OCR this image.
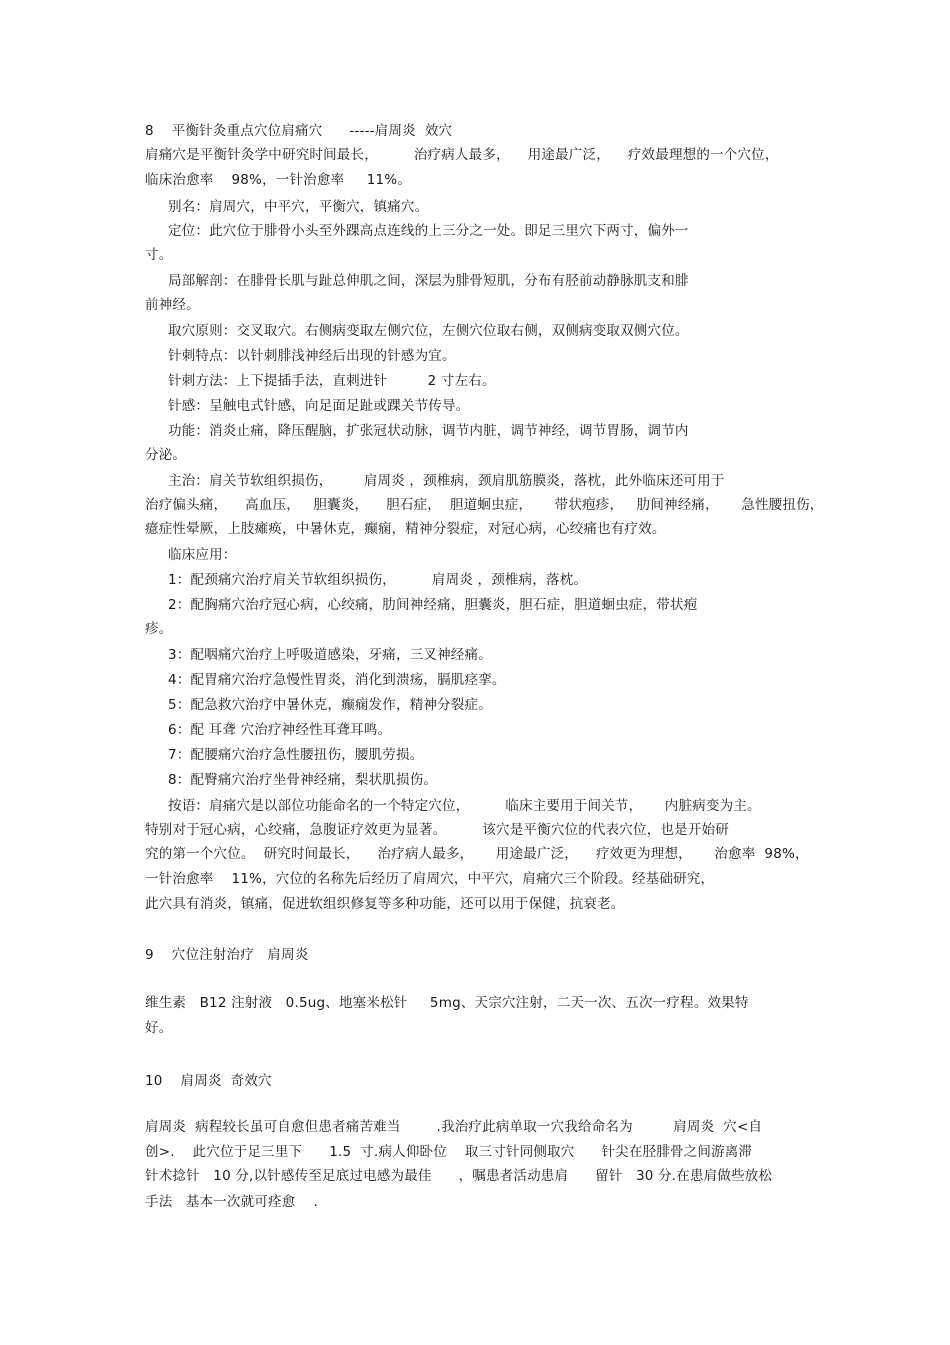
8    平衡针灸重点穴位肩痛穴      -----肩周炎  效穴

肩痛穴是平衡针灸学中研究时间最长，        治疗病人最多，    用途最广泛，    疗效最理想的一个穴位，

临床治愈率    98%，一针治愈率     11%。

别名：肩周穴，中平穴，平衡穴，镇痛穴。

定位：此穴位于腓骨小头至外踝高点连线的上三分之一处。即足三里穴下两寸，偏外一

寸。

局部解剖：在腓骨长肌与趾总伸肌之间，深层为腓骨短肌，分布有胫前动静脉肌支和腓

前神经。

取穴原则：交叉取穴。右侧病变取左侧穴位，左侧穴位取右侧，双侧病变取双侧穴位。

针刺特点：以针刺腓浅神经后出现的针感为宜。

针刺方法：上下提插手法，直刺进针         2 寸左右。

针感：呈触电式针感，向足面足趾或踝关节传导。

功能：消炎止痛，降压醒脑，扩张冠状动脉，调节内脏，调节神经，调节胃肠，调节内

分泌。

主治：肩关节软组织损伤，       肩周炎 ，颈椎病，颈肩肌筋膜炎，落枕，此外临床还可用于

治疗偏头痛，    高血压，   胆囊炎，    胆石症，  胆道蛔虫症，     带状疱疹，   肋间神经痛，     急性腰扭伤，

癔症性晕厥，上肢瘫痪，中暑休克，癫痫，精神分裂症，对冠心病，心绞痛也有疗效。

临床应用：

1：配颈痛穴治疗肩关节软组织损伤，        肩周炎 ，颈椎病，落枕。

2：配胸痛穴治疗冠心病，心绞痛，肋间神经痛，胆囊炎，胆石症，胆道蛔虫症，带状疱

疹。

3：配咽痛穴治疗上呼吸道感染，牙痛，三叉神经痛。

4：配胃痛穴治疗急慢性胃炎，消化到溃疡，膈肌痉挛。

5：配急救穴治疗中暑休克，癫痫发作，精神分裂症。

6：配 耳聋 穴治疗神经性耳聋耳鸣。

7：配腰痛穴治疗急性腰扭伤，腰肌劳损。

8：配臀痛穴治疗坐骨神经痛，梨状肌损伤。

按语：肩痛穴是以部位功能命名的一个特定穴位，        临床主要用于间关节，     内脏病变为主。

特别对于冠心病，心绞痛，急腹证疗效更为显著。        该穴是平衡穴位的代表穴位，也是开始研

究的第一个穴位。  研究时间最长，    治疗病人最多，     用途最广泛，    疗效更为理想，     治愈率  98%，

一针治愈率    11%，穴位的名称先后经历了肩周穴，中平穴，肩痛穴三个阶段。经基础研究，

此穴具有消炎，镇痛，促进软组织修复等多种功能，还可以用于保健，抗衰老。

9    穴位注射治疗   肩周炎

维生素   B12 注射液   0.5ug、地塞米松针     5mg、天宗穴注射，二天一次、五次一疗程。效果特

好。

10    肩周炎  奇效穴

肩周炎  病程较长虽可自愈但患者痛苦难当        .我治疗此病单取一穴我给命名为         肩周炎  穴<自

创>.    此穴位于足三里下      1.5  寸.病人仰卧位    取三寸针同侧取穴      针尖在胫腓骨之间游离滞

针术捻针   10 分,以针感传至足底过电感为最佳      ，嘱患者活动患肩      留针   30 分.在患肩做些放松

手法   基本一次就可痊愈    .
